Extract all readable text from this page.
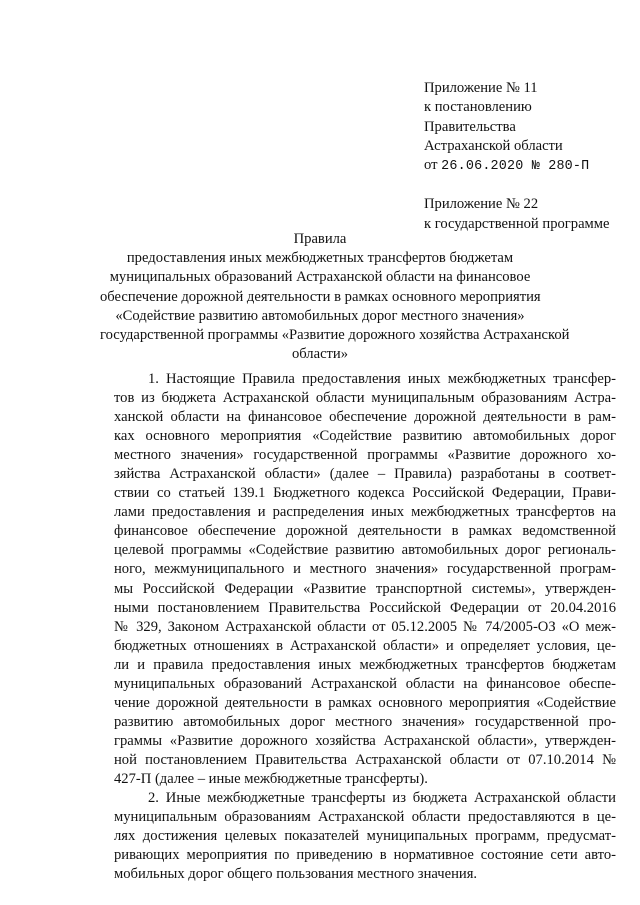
Приложение № 11
к постановлению
Правительства
Астраханской области
от 26.06.2020 № 280-П
Приложение № 22
к государственной программе
Правила
предоставления иных межбюджетных трансфертов бюджетам
муниципальных образований Астраханской области на финансовое
обеспечение дорожной деятельности в рамках основного мероприятия
«Содействие развитию автомобильных дорог местного значения»
государственной программы «Развитие дорожного хозяйства Астраханской
области»
1. Настоящие Правила предоставления иных межбюджетных трансфер-
тов из бюджета Астраханской области муниципальным образованиям Астра-
ханской области на финансовое обеспечение дорожной деятельности в рам-
ках основного мероприятия «Содействие развитию автомобильных дорог
местного значения» государственной программы «Развитие дорожного хо-
зяйства Астраханской области» (далее – Правила) разработаны в соответ-
ствии со статьей 139.1 Бюджетного кодекса Российской Федерации, Прави-
лами предоставления и распределения иных межбюджетных трансфертов на
финансовое обеспечение дорожной деятельности в рамках ведомственной
целевой программы «Содействие развитию автомобильных дорог региональ-
ного, межмуниципального и местного значения» государственной програм-
мы Российской Федерации «Развитие транспортной системы», утвержден-
ными постановлением Правительства Российской Федерации от 20.04.2016
№ 329, Законом Астраханской области от 05.12.2005 № 74/2005-ОЗ «О меж-
бюджетных отношениях в Астраханской области» и определяет условия, це-
ли и правила предоставления иных межбюджетных трансфертов бюджетам
муниципальных образований Астраханской области на финансовое обеспе-
чение дорожной деятельности в рамках основного мероприятия «Содействие
развитию автомобильных дорог местного значения» государственной про-
граммы «Развитие дорожного хозяйства Астраханской области», утвержден-
ной постановлением Правительства Астраханской области от 07.10.2014 №
427-П (далее – иные межбюджетные трансферты).
2. Иные межбюджетные трансферты из бюджета Астраханской области
муниципальным образованиям Астраханской области предоставляются в це-
лях достижения целевых показателей муниципальных программ, предусмат-
ривающих мероприятия по приведению в нормативное состояние сети авто-
мобильных дорог общего пользования местного значения.
